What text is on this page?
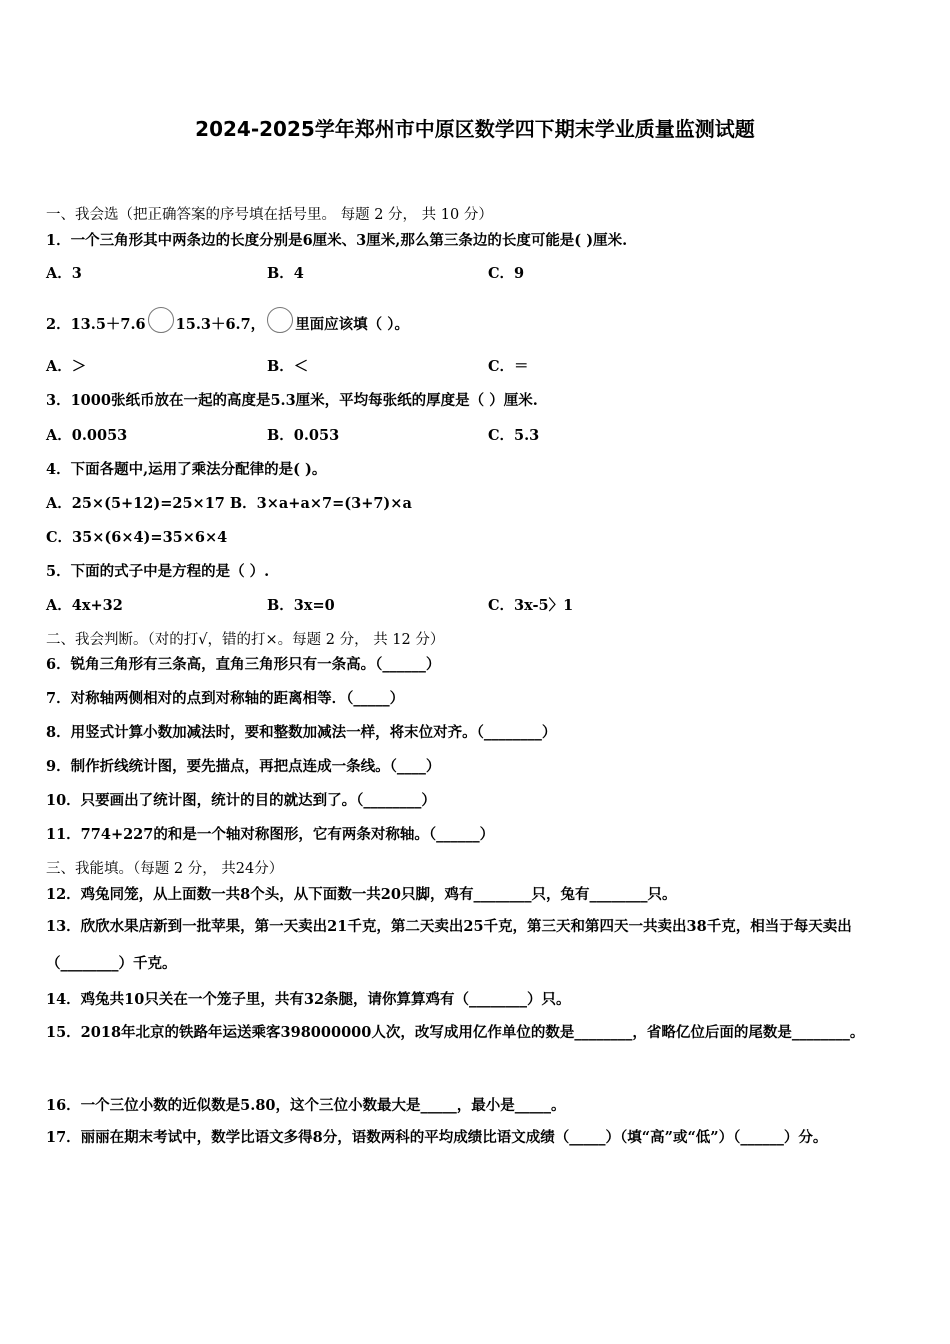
2024-2025学年郑州市中原区数学四下期末学业质量监测试题
一、我会选（把正确答案的序号填在括号里。 每题 2 分， 共 10 分）
1．一个三角形其中两条边的长度分别是6厘米、3厘米,那么第三条边的长度可能是( )厘米.
A．3	B．4	C．9
2．13.5＋7.6 15.3＋6.7， 里面应该填（ ）。
A．＞	B．＜	C．＝
3．1000张纸币放在一起的高度是5.3厘米，平均每张纸的厚度是（ ）厘米.
A．0.0053	B．0.053	C．5.3
4．下面各题中,运用了乘法分配律的是( )。
A．25×(5+12)=25×17 B．3×a+a×7=(3+7)×a
C．35×(6×4)=35×6×4
5．下面的式子中是方程的是（ ）.
A．4x+32	B．3x=0	C．3x-5〉1
二、我会判断。（对的打√，错的打×。每题 2 分， 共 12 分）
6．锐角三角形有三条高，直角三角形只有一条高。（______）
7．对称轴两侧相对的点到对称轴的距离相等．（_____）
8．用竖式计算小数加减法时，要和整数加减法一样，将末位对齐。（________）
9．制作折线统计图，要先描点，再把点连成一条线。（____）
10．只要画出了统计图，统计的目的就达到了。（________）
11．774+227的和是一个轴对称图形，它有两条对称轴。（______）
三、我能填。（每题 2 分， 共24分）
12．鸡兔同笼，从上面数一共8个头，从下面数一共20只脚，鸡有________只，兔有________只。
13．欣欣水果店新到一批苹果，第一天卖出21千克，第二天卖出25千克，第三天和第四天一共卖出38千克，相当于每天卖出（________）千克。
14．鸡兔共10只关在一个笼子里，共有32条腿，请你算算鸡有（________）只。
15．2018年北京的铁路年运送乘客398000000人次，改写成用亿作单位的数是________，省略亿位后面的尾数是________。
16．一个三位小数的近似数是5.80，这个三位小数最大是_____，最小是_____。
17．丽丽在期末考试中，数学比语文多得8分，语数两科的平均成绩比语文成绩（_____）（填“高”或“低”）（______）分。
